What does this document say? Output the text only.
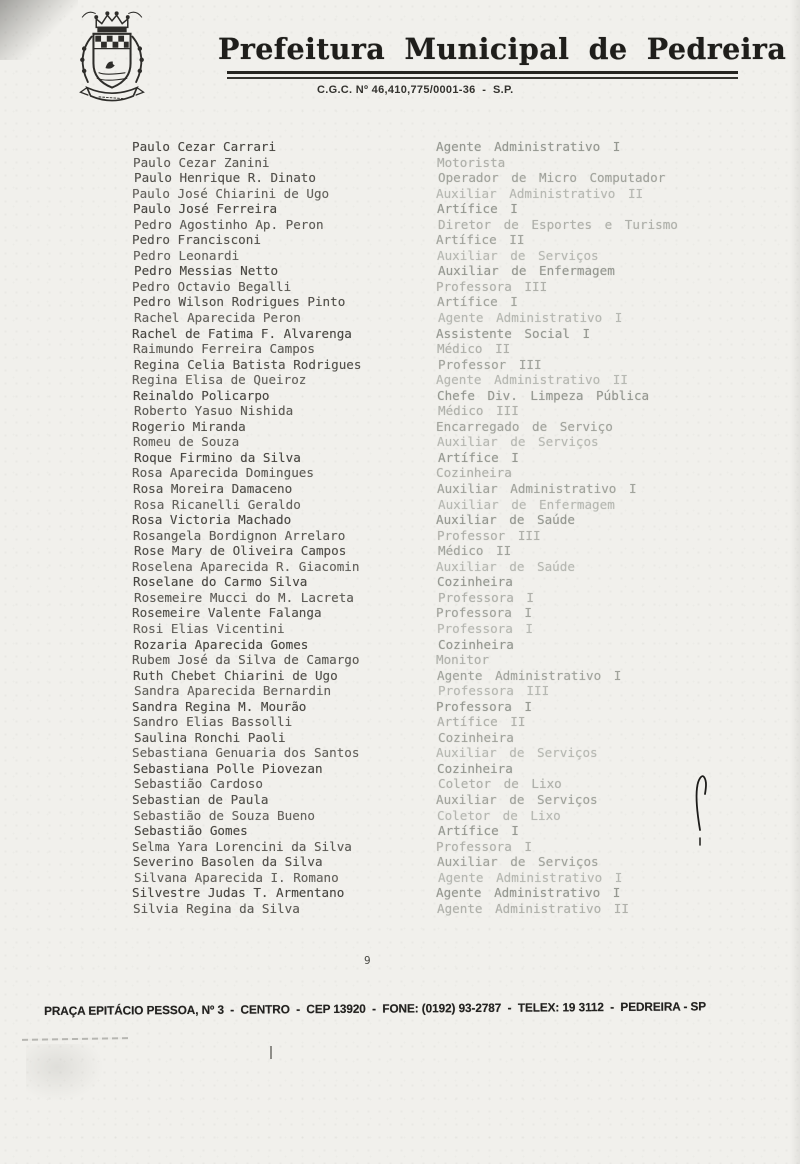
Prefeitura Municipal de Pedreira
C.G.C. Nº 46,410,775/0001-36  -  S.P.
Paulo Cezar Carrari	Agente Administrativo I
Paulo Cezar Zanini	Motorista
Paulo Henrique R. Dinato	Operador de Micro Computador
Paulo José Chiarini de Ugo	Auxiliar Administrativo II
Paulo José Ferreira	Artífice I
Pedro Agostinho Ap. Peron	Diretor de Esportes e Turismo
Pedro Francisconi	Artífice II
Pedro Leonardi	Auxiliar de Serviços
Pedro Messias Netto	Auxiliar de Enfermagem
Pedro Octavio Begalli	Professora III
Pedro Wilson Rodrigues Pinto	Artífice I
Rachel Aparecida Peron	Agente Administrativo I
Rachel de Fatima F. Alvarenga	Assistente Social I
Raimundo Ferreira Campos	Médico II
Regina Celia Batista Rodrigues	Professor III
Regina Elisa de Queiroz	Agente Administrativo II
Reinaldo Policarpo	Chefe Div. Limpeza Pública
Roberto Yasuo Nishida	Médico III
Rogerio Miranda	Encarregado de Serviço
Romeu de Souza	Auxiliar de Serviços
Roque Firmino da Silva	Artífice I
Rosa Aparecida Domingues	Cozinheira
Rosa Moreira Damaceno	Auxiliar Administrativo I
Rosa Ricanelli Geraldo	Auxiliar de Enfermagem
Rosa Victoria Machado	Auxiliar de Saúde
Rosangela Bordignon Arrelaro	Professor III
Rose Mary de Oliveira Campos	Médico II
Roselena Aparecida R. Giacomin	Auxiliar de Saúde
Roselane do Carmo Silva	Cozinheira
Rosemeire Mucci do M. Lacreta	Professora I
Rosemeire Valente Falanga	Professora I
Rosi Elias Vicentini	Professora I
Rozaria Aparecida Gomes	Cozinheira
Rubem José da Silva de Camargo	Monitor
Ruth Chebet Chiarini de Ugo	Agente Administrativo I
Sandra Aparecida Bernardin	Professora III
Sandra Regina M. Mourão	Professora I
Sandro Elias Bassolli	Artífice II
Saulina Ronchi Paoli	Cozinheira
Sebastiana Genuaria dos Santos	Auxiliar de Serviços
Sebastiana Polle Piovezan	Cozinheira
Sebastião Cardoso	Coletor de Lixo
Sebastian de Paula	Auxiliar de Serviços
Sebastião de Souza Bueno	Coletor de Lixo
Sebastião Gomes	Artífice I
Selma Yara Lorencini da Silva	Professora I
Severino Basolen da Silva	Auxiliar de Serviços
Silvana Aparecida I. Romano	Agente Administrativo I
Silvestre Judas T. Armentano	Agente Administrativo I
Silvia Regina da Silva	Agente Administrativo II
9
PRAÇA EPITÁCIO PESSOA, Nº 3  -  CENTRO  -  CEP 13920  -  FONE: (0192) 93-2787  -  TELEX: 19 3112  -  PEDREIRA - SP
